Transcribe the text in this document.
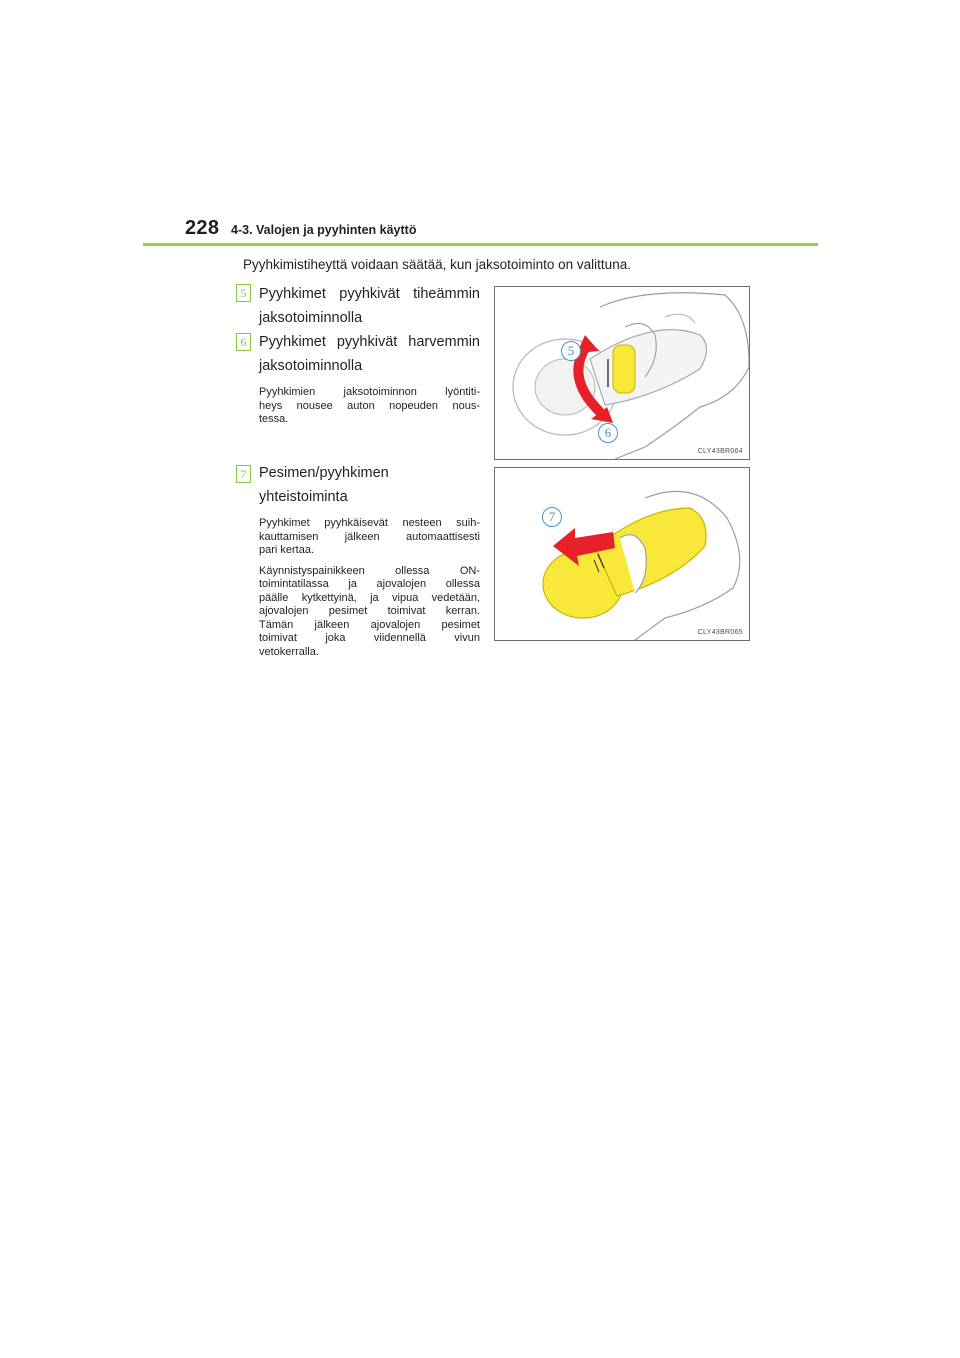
228 4-3. Valojen ja pyyhinten käyttö
Pyyhkimistiheyttä voidaan säätää, kun jaksotoiminto on valittuna.
5 Pyyhkimet pyyhkivät tiheämmin
jaksotoiminnolla
6 Pyyhkimet pyyhkivät harvemmin
jaksotoiminnolla
Pyyhkimien jaksotoiminnon lyöntiti-
heys nousee auton nopeuden nous-
tessa.
7 Pesimen/pyyhkimen
yhteistoiminta
Pyyhkimet pyyhkäisevät nesteen suih-
kauttamisen jälkeen automaattisesti
pari kertaa.
Käynnistyspainikkeen ollessa ON-
toimintatilassa ja ajovalojen ollessa
päälle kytkettyinä, ja vipua vedetään,
ajovalojen pesimet toimivat kerran.
Tämän jälkeen ajovalojen pesimet
toimivat joka viidennellä vivun
vetokerralla.
5
6
CLY43BR064
7
CLY43BR065
